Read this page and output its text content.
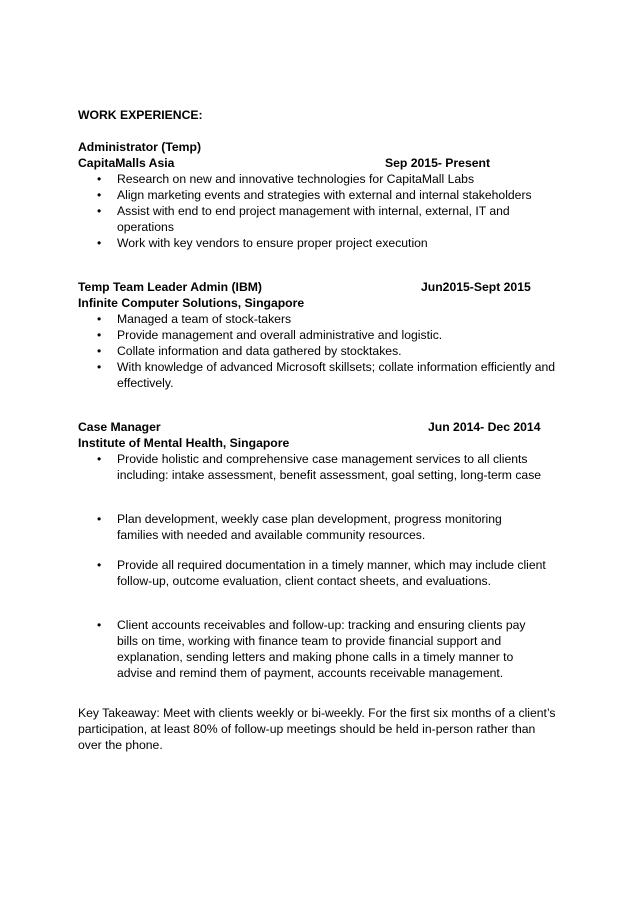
WORK EXPERIENCE:
Administrator (Temp)
CapitaMalls Asia	Sep 2015- Present
• Research on new and innovative technologies for CapitaMall Labs
• Align marketing events and strategies with external and internal stakeholders
• Assist with end to end project management with internal, external, IT and operations
• Work with key vendors to ensure proper project execution
Temp Team Leader Admin (IBM)	Jun2015-Sept 2015
Infinite Computer Solutions, Singapore
• Managed a team of stock-takers
• Provide management and overall administrative and logistic.
• Collate information and data gathered by stocktakes.
• With knowledge of advanced Microsoft skillsets; collate information efficiently and effectively.
Case Manager	Jun 2014- Dec 2014
Institute of Mental Health, Singapore
• Provide holistic and comprehensive case management services to all clients including: intake assessment, benefit assessment, goal setting, long-term case
• Plan development, weekly case plan development, progress monitoring families with needed and available community resources.
• Provide all required documentation in a timely manner, which may include client follow-up, outcome evaluation, client contact sheets, and evaluations.
• Client accounts receivables and follow-up: tracking and ensuring clients pay bills on time, working with finance team to provide financial support and explanation, sending letters and making phone calls in a timely manner to advise and remind them of payment, accounts receivable management.
Key Takeaway: Meet with clients weekly or bi-weekly. For the first six months of a client’s participation, at least 80% of follow-up meetings should be held in-person rather than over the phone.
